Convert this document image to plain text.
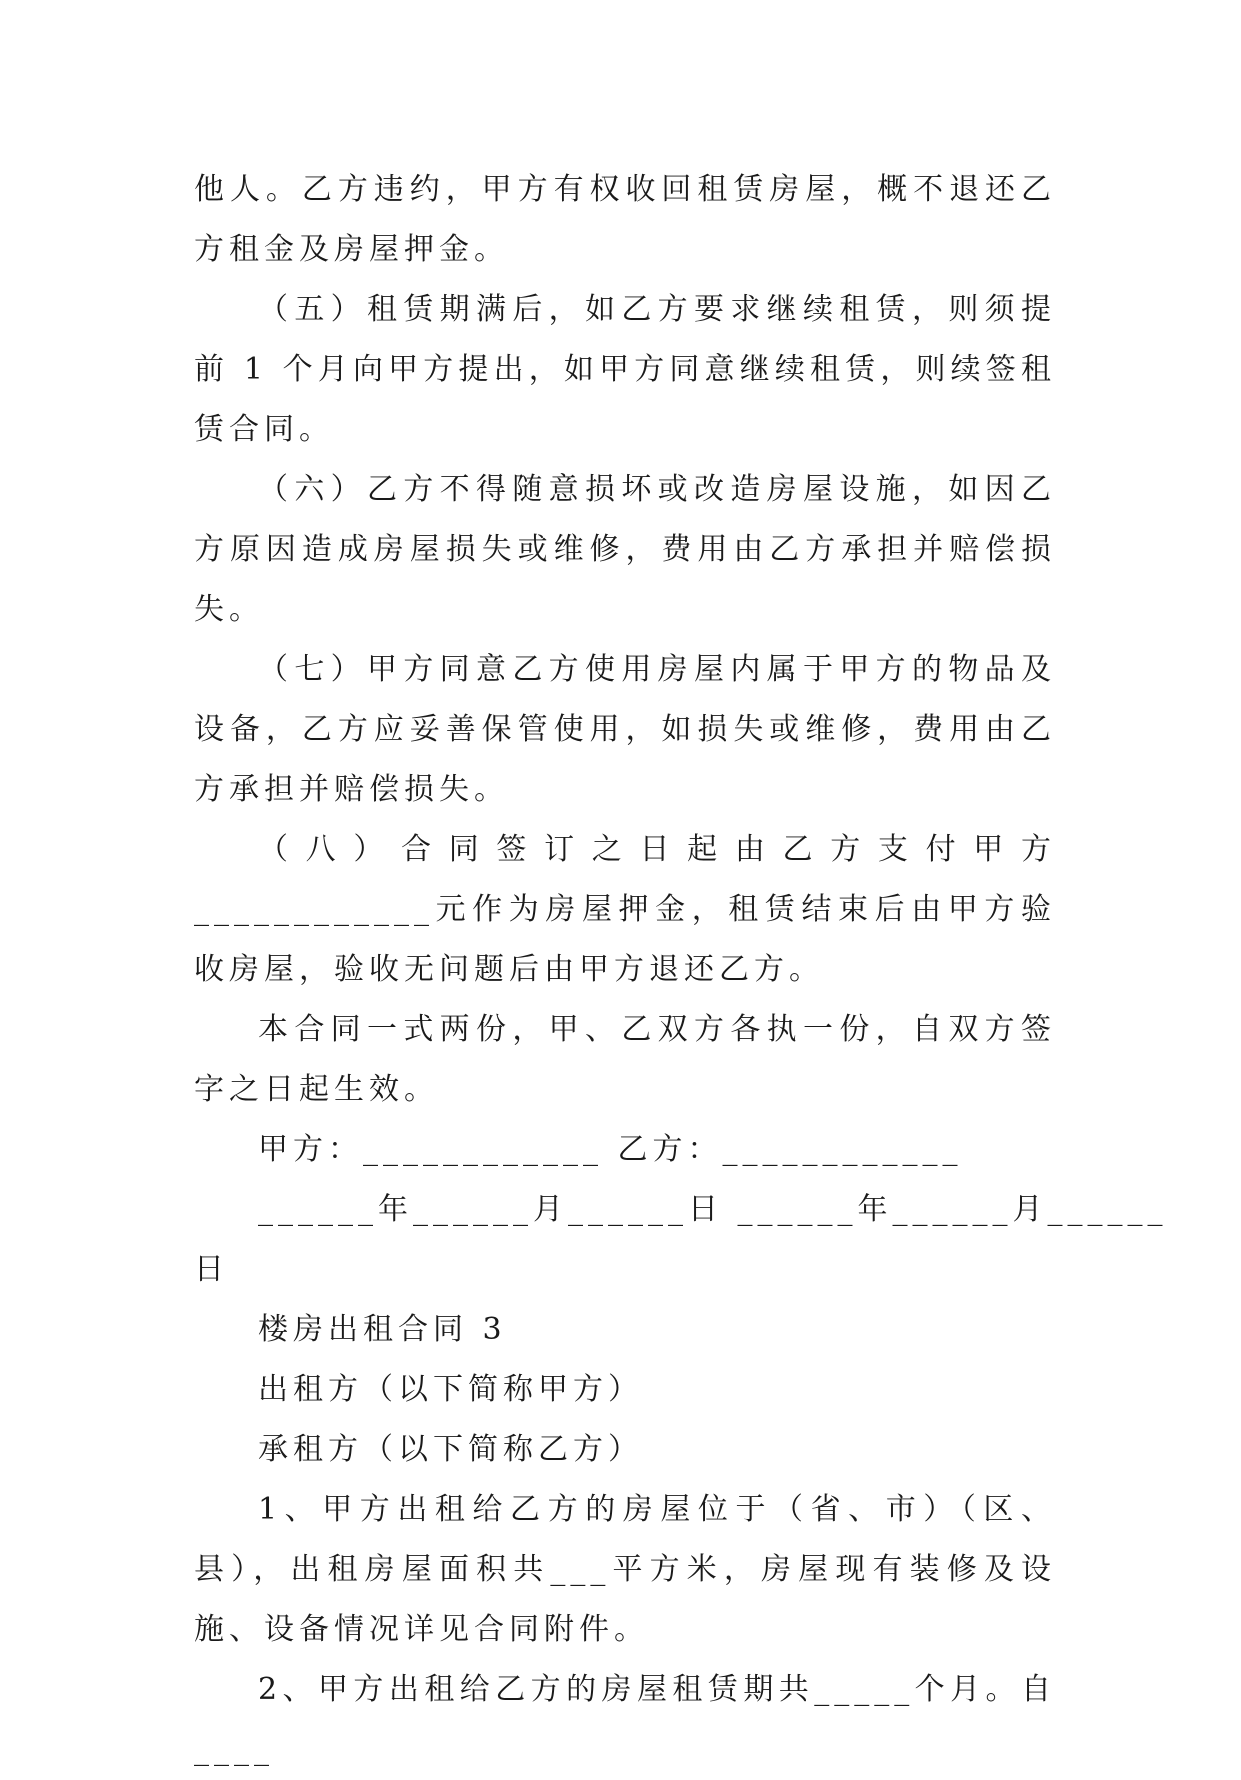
他人。乙方违约，甲方有权收回租赁房屋，概不退还乙方租金及房屋押金。

（五）租赁期满后，如乙方要求继续租赁，则须提前 1 个月向甲方提出，如甲方同意继续租赁，则续签租赁合同。

（六）乙方不得随意损坏或改造房屋设施，如因乙方原因造成房屋损失或维修，费用由乙方承担并赔偿损失。

（七）甲方同意乙方使用房屋内属于甲方的物品及设备，乙方应妥善保管使用，如损失或维修，费用由乙方承担并赔偿损失。

（八）合同签订之日起由乙方支付甲方____________元作为房屋押金，租赁结束后由甲方验收房屋，验收无问题后由甲方退还乙方。

本合同一式两份，甲、乙双方各执一份，自双方签字之日起生效。

甲方：____________ 乙方：____________

______年______月______日 ______年______月______

日

楼房出租合同 3

出租方（以下简称甲方）

承租方（以下简称乙方）

1、甲方出租给乙方的房屋位于（省、市）（区、县），出租房屋面积共___平方米，房屋现有装修及设施、设备情况详见合同附件。

2、甲方出租给乙方的房屋租赁期共_____个月。自____
